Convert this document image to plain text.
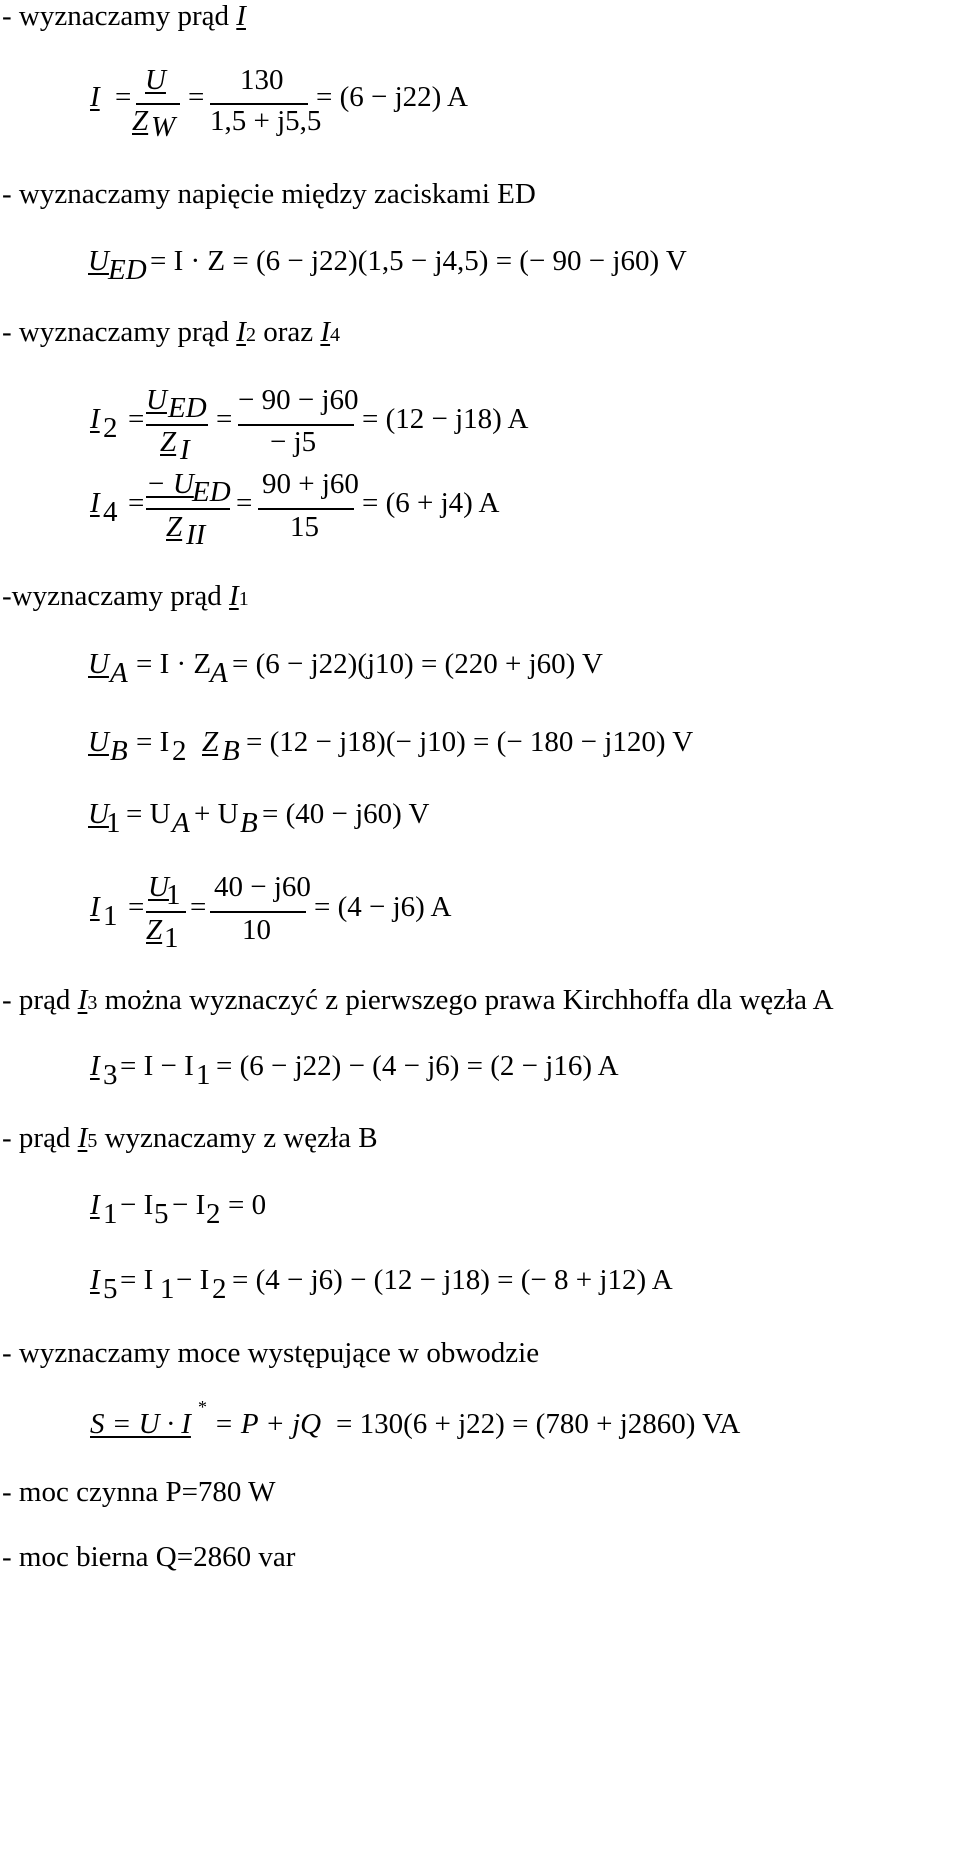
- wyznaczamy prąd I
I =
U
Z W
=
130
1,5 + j5,5
= (6 − j22) A
- wyznaczamy napięcie między zaciskami ED
U ED = I · Z = (6 − j22)(1,5 − j4,5) = (− 90 − j60) V
- wyznaczamy prąd I2 oraz I4
I 2 =
U ED
Z I
=
− 90 − j60
− j5
= (12 − j18) A
I 4 =
− U
ED
Z II
=
90 + j60
15
= (6 + j4) A
-wyznaczamy prąd I1
U A = I · Z
A = (6 − j22)(j10) = (220 + j60) V
U B = I 2 Z B = (12 − j18)(− j10) = (− 180 − j120) V
U
1 = U A + U B = (40 − j60) V
I 1 =
U
1
Z 1
=
40 − j60
10
= (4 − j6) A
- prąd I3 można wyznaczyć z pierwszego prawa Kirchhoffa dla węzła A
I 3 = I − I 1 = (6 − j22) − (4 − j6) = (2 − j16) A
- prąd I5 wyznaczamy z węzła B
I 1 − I 5 − I 2 = 0
I 5 = I 1 − I 2 = (4 − j6) − (12 − j18) = (− 8 + j12) A
- wyznaczamy moce występujące w obwodzie
S = U · I
*
= P + jQ = 130(6 + j22) = (780 + j2860) VA
- moc czynna P=780 W
- moc bierna Q=2860 var
